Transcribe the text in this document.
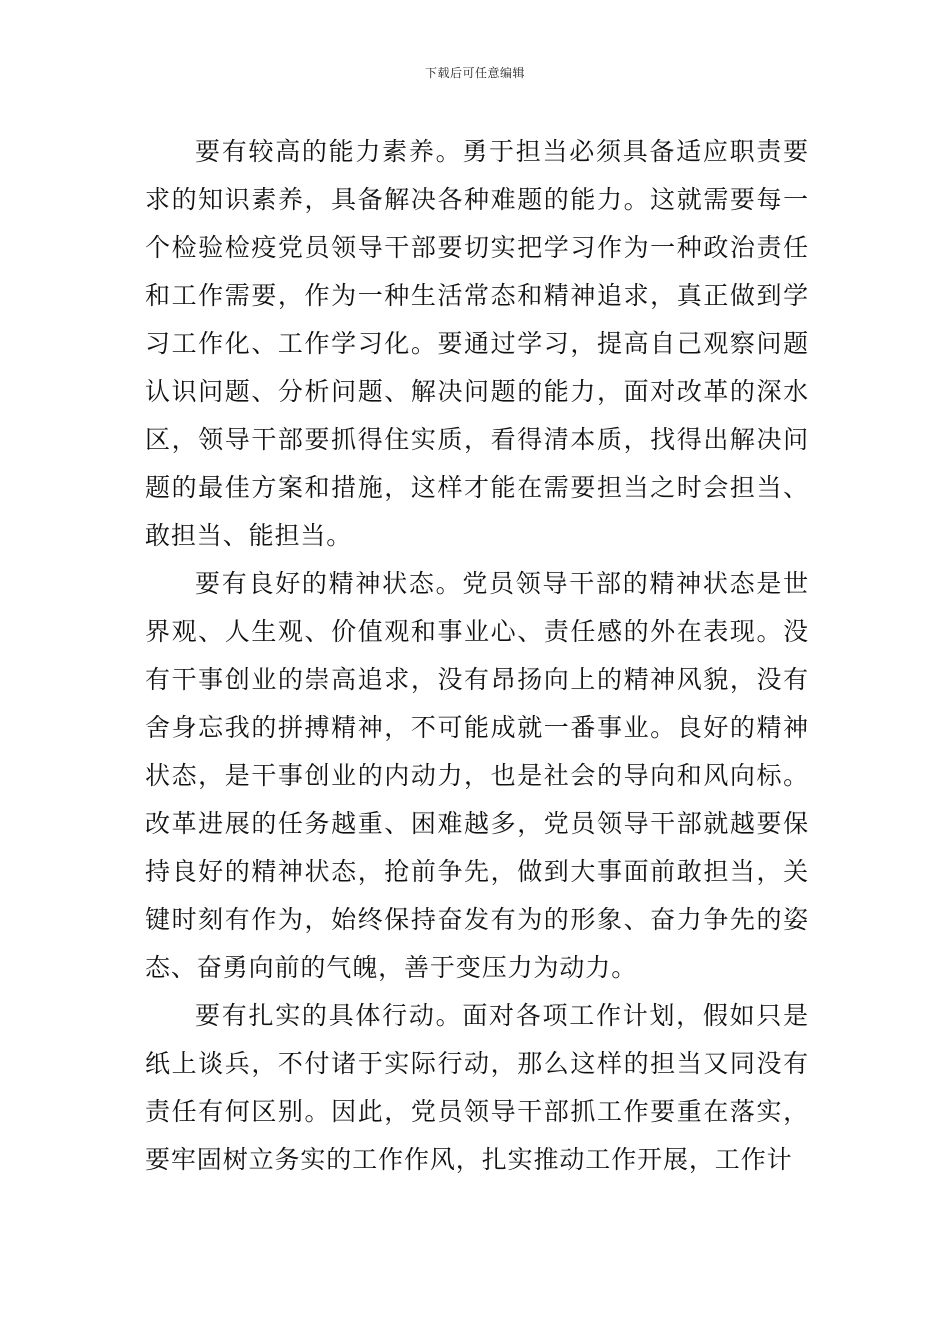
下载后可任意编辑

要有较高的能力素养。勇于担当必须具备适应职责要求的知识素养，具备解决各种难题的能力。这就需要每一个检验检疫党员领导干部要切实把学习作为一种政治责任和工作需要，作为一种生活常态和精神追求，真正做到学习工作化、工作学习化。要通过学习，提高自己观察问题认识问题、分析问题、解决问题的能力，面对改革的深水区，领导干部要抓得住实质，看得清本质，找得出解决问题的最佳方案和措施，这样才能在需要担当之时会担当、敢担当、能担当。

要有良好的精神状态。党员领导干部的精神状态是世界观、人生观、价值观和事业心、责任感的外在表现。没有干事创业的崇高追求，没有昂扬向上的精神风貌，没有舍身忘我的拼搏精神，不可能成就一番事业。良好的精神状态，是干事创业的内动力，也是社会的导向和风向标。改革进展的任务越重、困难越多，党员领导干部就越要保持良好的精神状态，抢前争先，做到大事面前敢担当，关键时刻有作为，始终保持奋发有为的形象、奋力争先的姿态、奋勇向前的气魄，善于变压力为动力。

要有扎实的具体行动。面对各项工作计划，假如只是纸上谈兵，不付诸于实际行动，那么这样的担当又同没有责任有何区别。因此，党员领导干部抓工作要重在落实，要牢固树立务实的工作作风，扎实推动工作开展，工作计
